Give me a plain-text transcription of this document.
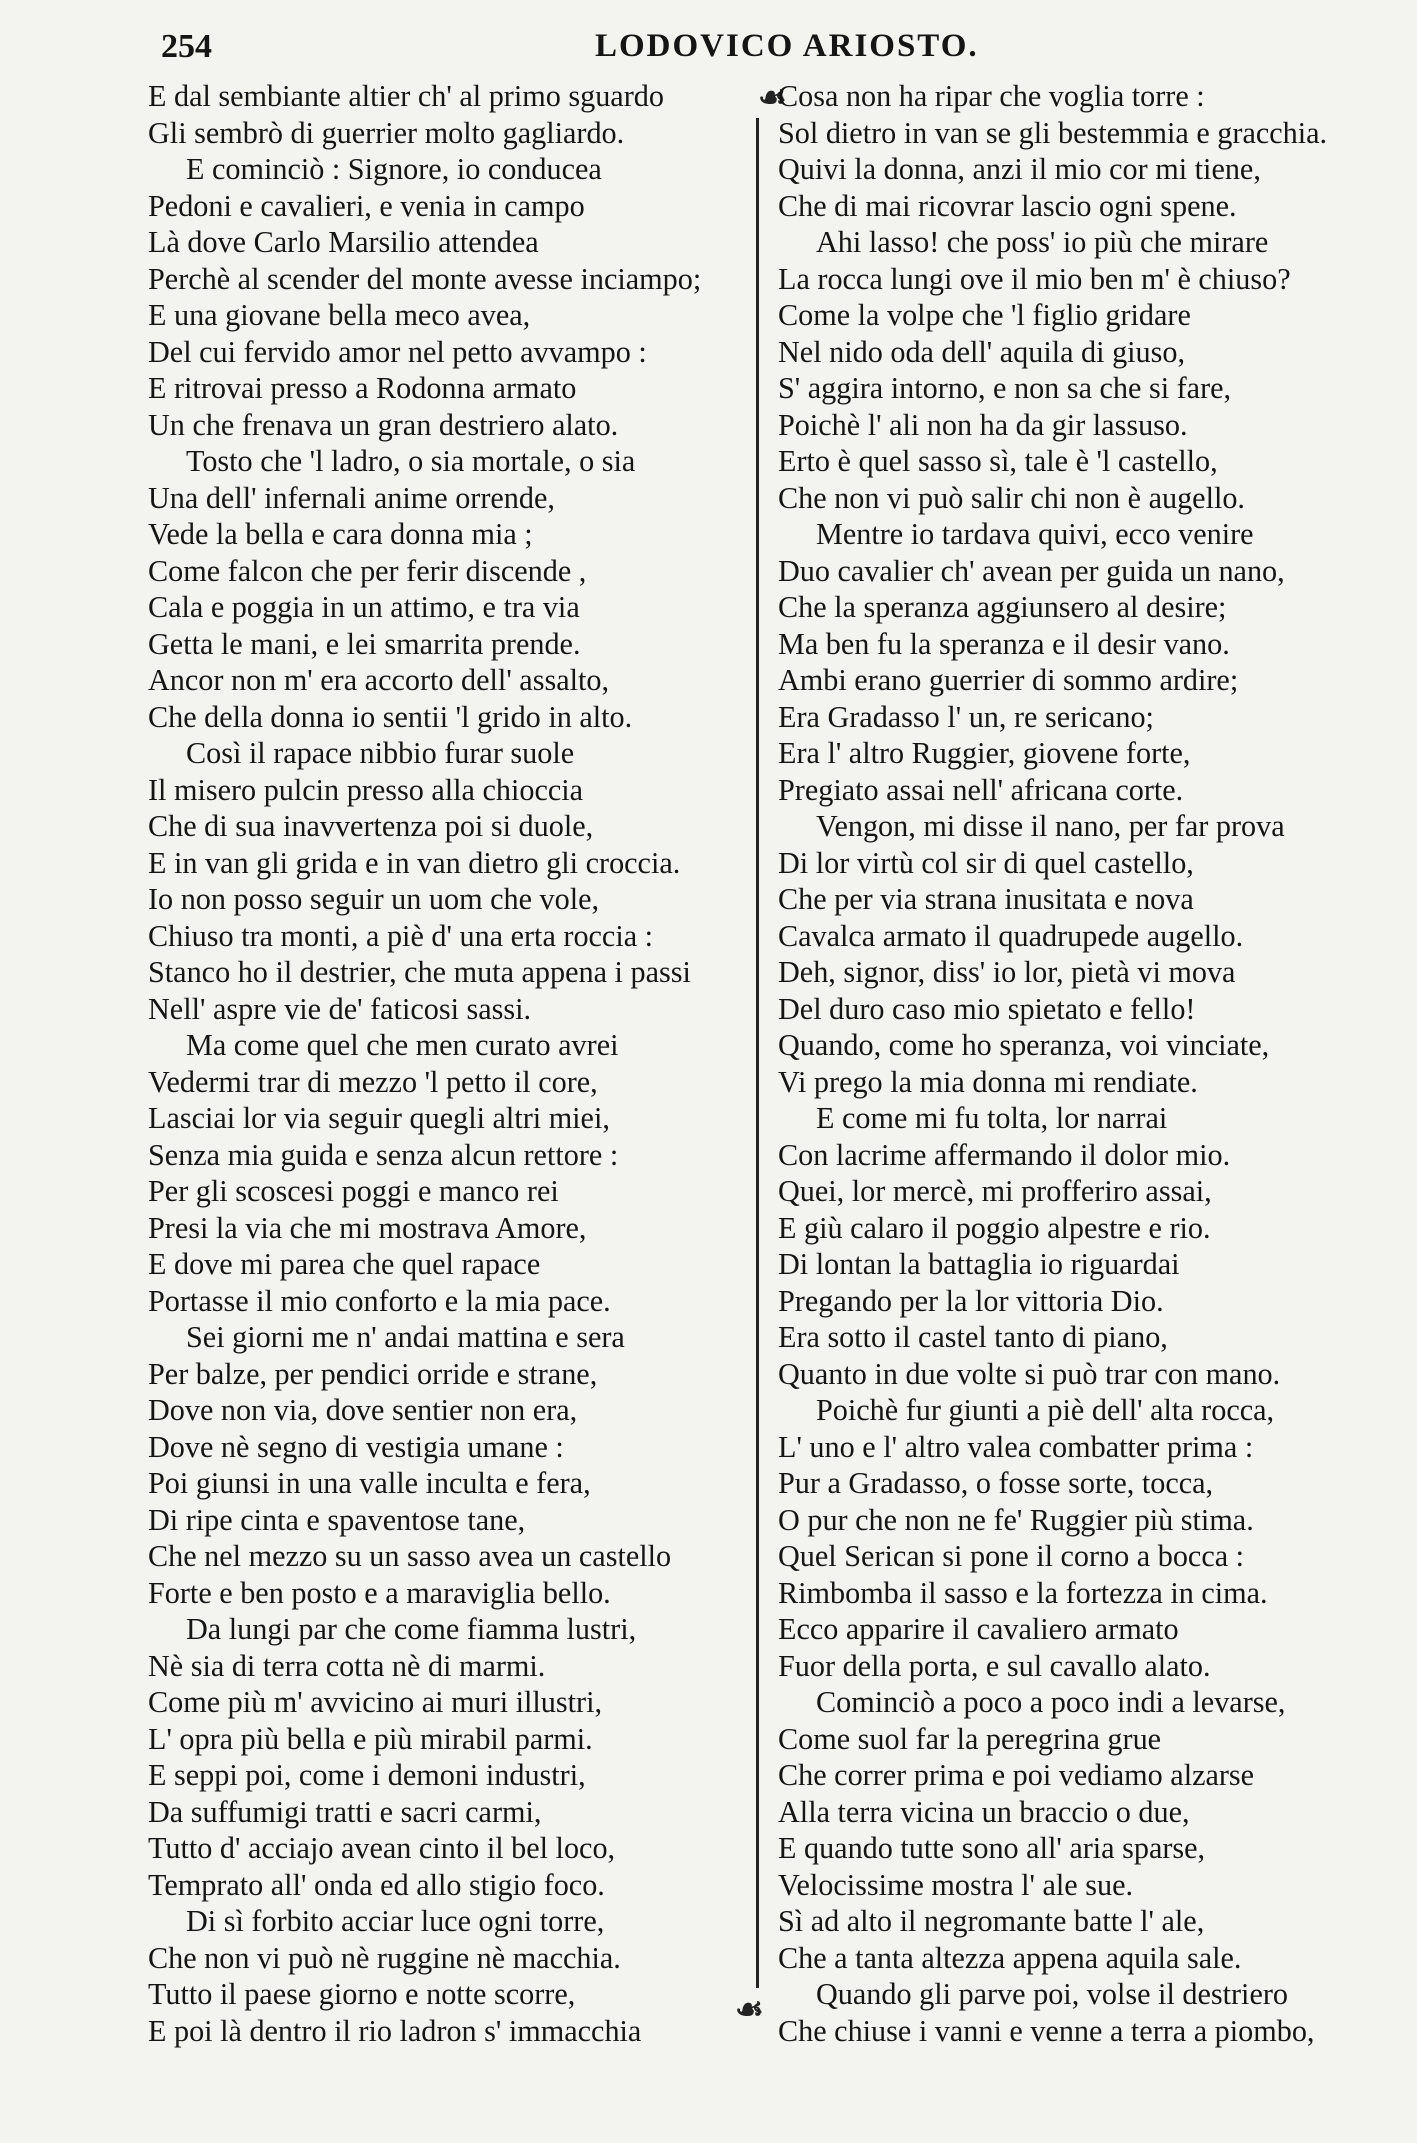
254	LODOVICO ARIOSTO.
E dal sembiante altier ch' al primo sguardo
Gli sembrò di guerrier molto gagliardo.
E cominciò : Signore, io conducea
Pedoni e cavalieri, e venia in campo
Là dove Carlo Marsilio attendea
Perchè al scender del monte avesse inciampo;
E una giovane bella meco avea,
Del cui fervido amor nel petto avvampo :
E ritrovai presso a Rodonna armato
Un che frenava un gran destriero alato.
Tosto che 'l ladro, o sia mortale, o sia
Una dell' infernali anime orrende,
Vede la bella e cara donna mia ;
Come falcon che per ferir discende ,
Cala e poggia in un attimo, e tra via
Getta le mani, e lei smarrita prende.
Ancor non m' era accorto dell' assalto,
Che della donna io sentii 'l grido in alto.
Così il rapace nibbio furar suole
Il misero pulcin presso alla chioccia
Che di sua inavvertenza poi si duole,
E in van gli grida e in van dietro gli croccia.
Io non posso seguir un uom che vole,
Chiuso tra monti, a piè d' una erta roccia :
Stanco ho il destrier, che muta appena i passi
Nell' aspre vie de' faticosi sassi.
Ma come quel che men curato avrei
Vedermi trar di mezzo 'l petto il core,
Lasciai lor via seguir quegli altri miei,
Senza mia guida e senza alcun rettore :
Per gli scoscesi poggi e manco rei
Presi la via che mi mostrava Amore,
E dove mi parea che quel rapace
Portasse il mio conforto e la mia pace.
Sei giorni me n' andai mattina e sera
Per balze, per pendici orride e strane,
Dove non via, dove sentier non era,
Dove nè segno di vestigia umane :
Poi giunsi in una valle inculta e fera,
Di ripe cinta e spaventose tane,
Che nel mezzo su un sasso avea un castello
Forte e ben posto e a maraviglia bello.
Da lungi par che come fiamma lustri,
Nè sia di terra cotta nè di marmi.
Come più m' avvicino ai muri illustri,
L' opra più bella e più mirabil parmi.
E seppi poi, come i demoni industri,
Da suffumigi tratti e sacri carmi,
Tutto d' acciajo avean cinto il bel loco,
Temprato all' onda ed allo stigio foco.
Di sì forbito acciar luce ogni torre,
Che non vi può nè ruggine nè macchia.
Tutto il paese giorno e notte scorre,
E poi là dentro il rio ladron s' immacchia
☙
☙
Cosa non ha ripar che voglia torre :
Sol dietro in van se gli bestemmia e gracchia.
Quivi la donna, anzi il mio cor mi tiene,
Che di mai ricovrar lascio ogni spene.
Ahi lasso! che poss' io più che mirare
La rocca lungi ove il mio ben m' è chiuso?
Come la volpe che 'l figlio gridare
Nel nido oda dell' aquila di giuso,
S' aggira intorno, e non sa che si fare,
Poichè l' ali non ha da gir lassuso.
Erto è quel sasso sì, tale è 'l castello,
Che non vi può salir chi non è augello.
Mentre io tardava quivi, ecco venire
Duo cavalier ch' avean per guida un nano,
Che la speranza aggiunsero al desire;
Ma ben fu la speranza e il desir vano.
Ambi erano guerrier di sommo ardire;
Era Gradasso l' un, re sericano;
Era l' altro Ruggier, giovene forte,
Pregiato assai nell' africana corte.
Vengon, mi disse il nano, per far prova
Di lor virtù col sir di quel castello,
Che per via strana inusitata e nova
Cavalca armato il quadrupede augello.
Deh, signor, diss' io lor, pietà vi mova
Del duro caso mio spietato e fello!
Quando, come ho speranza, voi vinciate,
Vi prego la mia donna mi rendiate.
E come mi fu tolta, lor narrai
Con lacrime affermando il dolor mio.
Quei, lor mercè, mi profferiro assai,
E giù calaro il poggio alpestre e rio.
Di lontan la battaglia io riguardai
Pregando per la lor vittoria Dio.
Era sotto il castel tanto di piano,
Quanto in due volte si può trar con mano.
Poichè fur giunti a piè dell' alta rocca,
L' uno e l' altro valea combatter prima :
Pur a Gradasso, o fosse sorte, tocca,
O pur che non ne fe' Ruggier più stima.
Quel Serican si pone il corno a bocca :
Rimbomba il sasso e la fortezza in cima.
Ecco apparire il cavaliero armato
Fuor della porta, e sul cavallo alato.
Cominciò a poco a poco indi a levarse,
Come suol far la peregrina grue
Che correr prima e poi vediamo alzarse
Alla terra vicina un braccio o due,
E quando tutte sono all' aria sparse,
Velocissime mostra l' ale sue.
Sì ad alto il negromante batte l' ale,
Che a tanta altezza appena aquila sale.
Quando gli parve poi, volse il destriero
Che chiuse i vanni e venne a terra a piombo,
